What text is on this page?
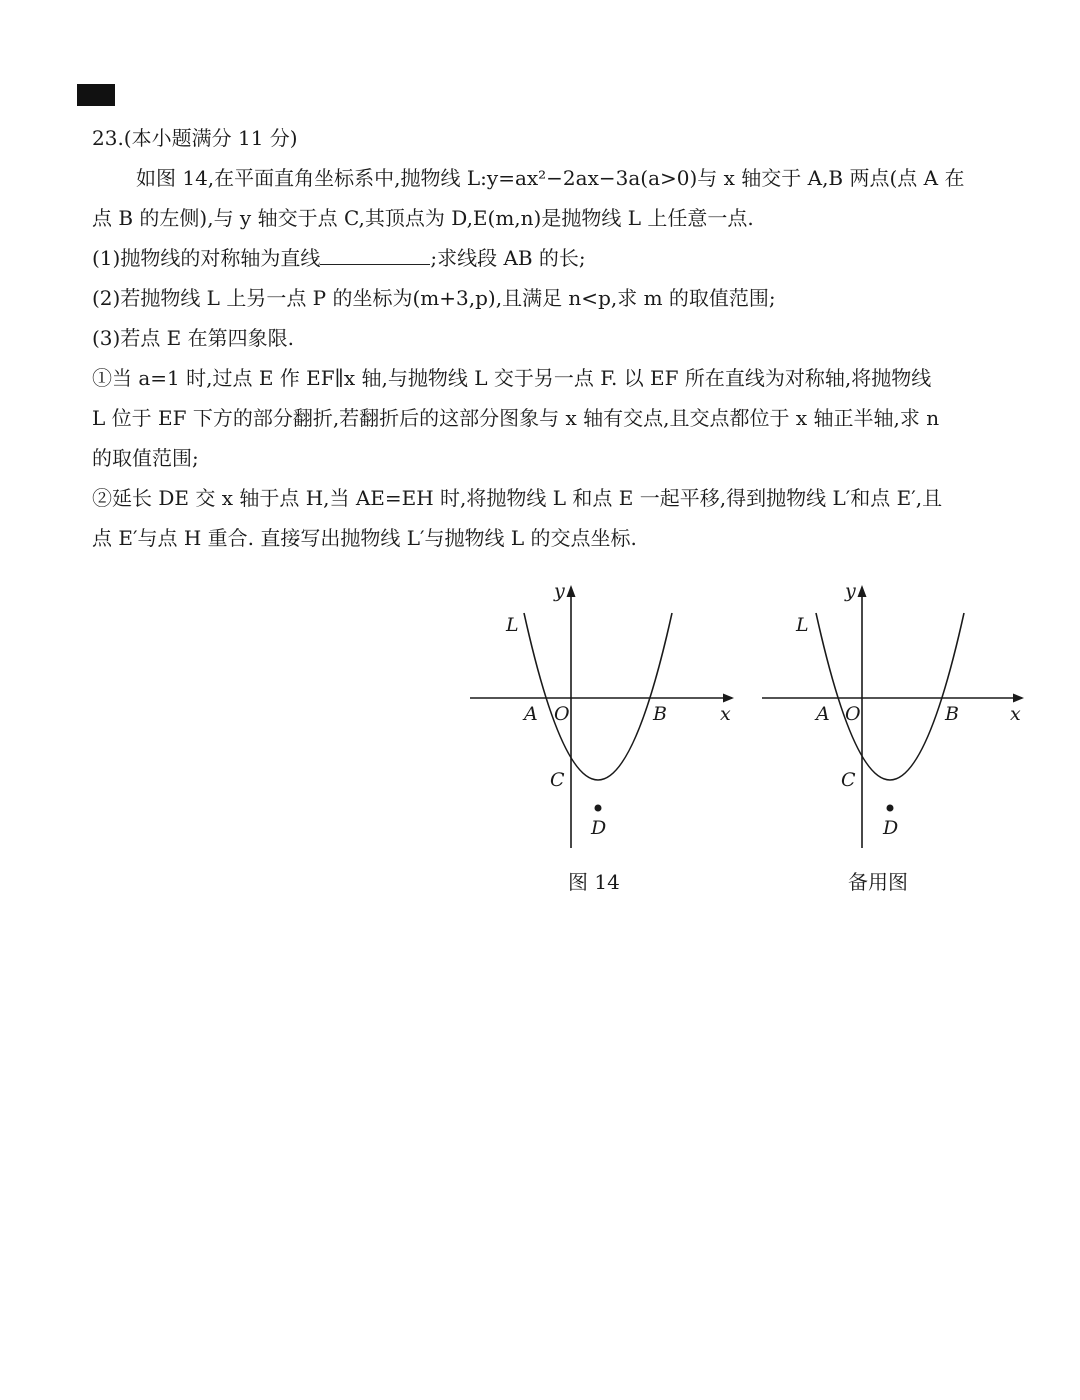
23.(本小题满分 11 分)
如图 14,在平面直角坐标系中,抛物线 L:y=ax²−2ax−3a(a>0)与 x 轴交于 A,B 两点(点 A 在
点 B 的左侧),与 y 轴交于点 C,其顶点为 D,E(m,n)是抛物线 L 上任意一点.
(1)抛物线的对称轴为直线	;求线段 AB 的长;
(2)若抛物线 L 上另一点 P 的坐标为(m+3,p),且满足 n<p,求 m 的取值范围;
(3)若点 E 在第四象限.
①当 a=1 时,过点 E 作 EF∥x 轴,与抛物线 L 交于另一点 F. 以 EF 所在直线为对称轴,将抛物线
L 位于 EF 下方的部分翻折,若翻折后的这部分图象与 x 轴有交点,且交点都位于 x 轴正半轴,求 n
的取值范围;
②延长 DE 交 x 轴于点 H,当 AE=EH 时,将抛物线 L 和点 E 一起平移,得到抛物线 L′和点 E′,且
点 E′与点 H 重合. 直接 • •写出抛物线 L′与抛物线 L 的交点坐标.
y
x
O
A	B
C
D
L
图 14
y
x
O
A	B
C
D
L
备用图
